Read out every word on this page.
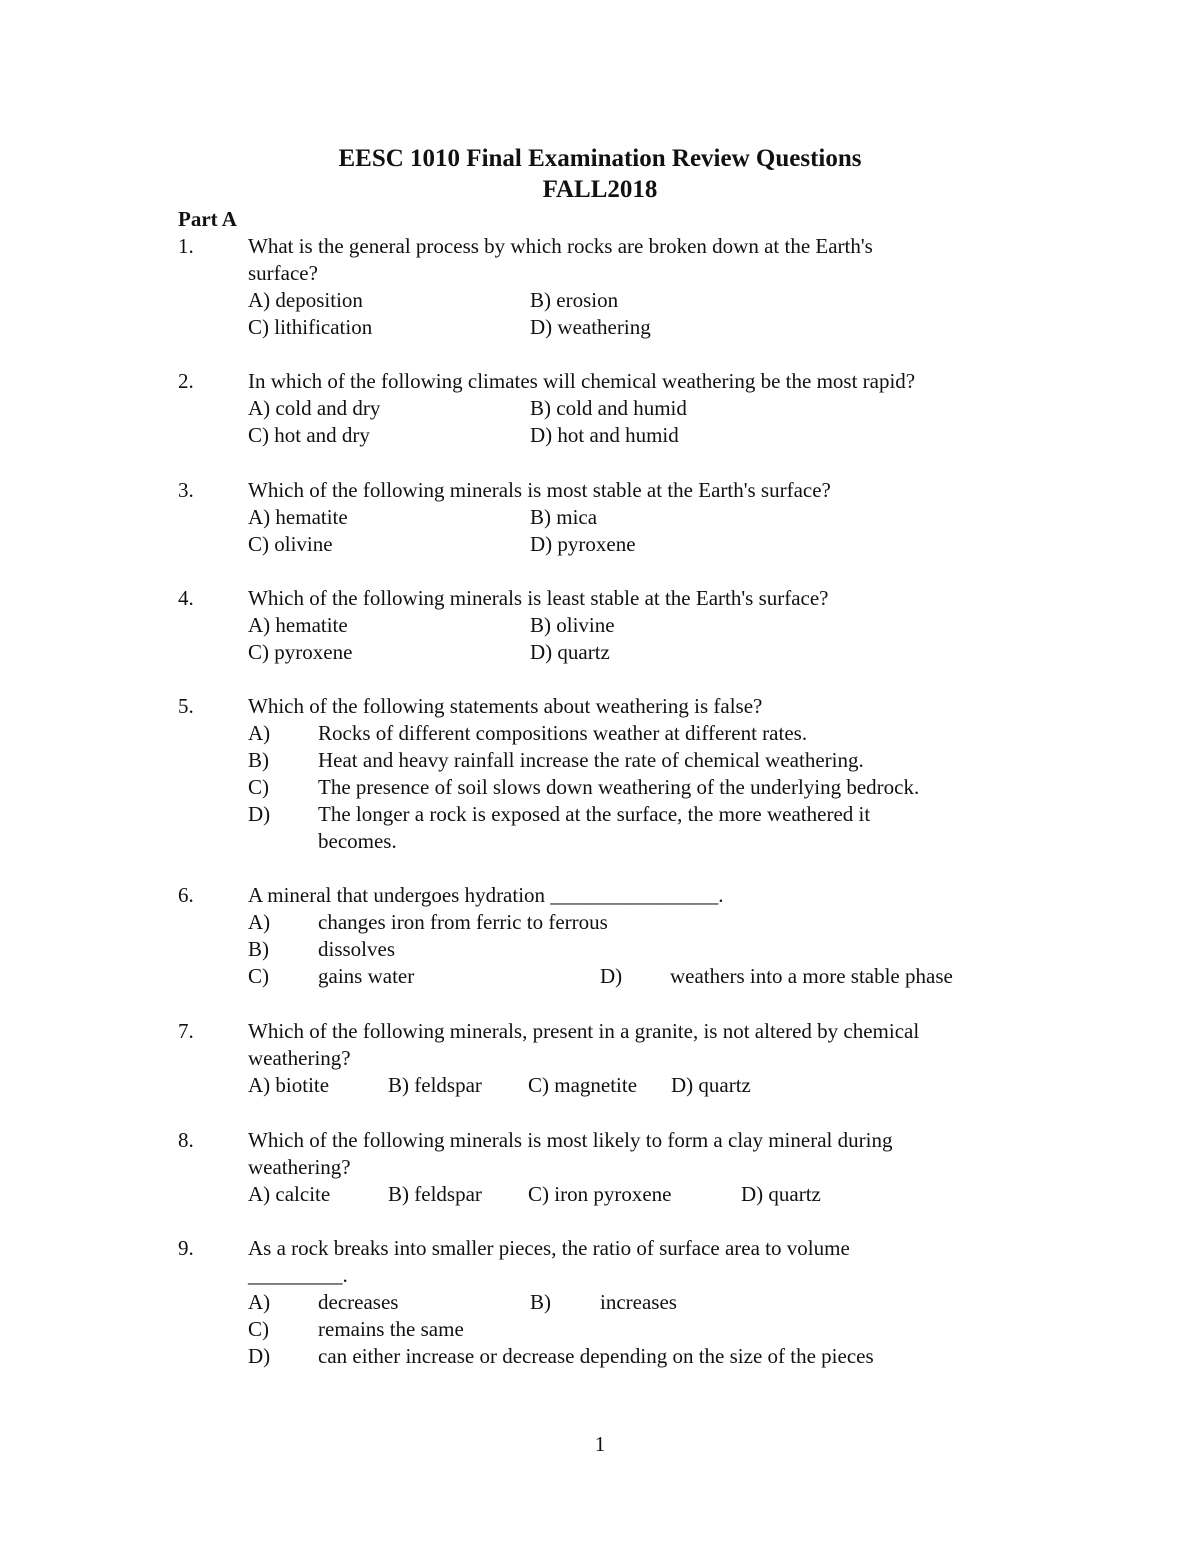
EESC 1010 Final Examination Review Questions
FALL2018
Part A
1.	What is the general process by which rocks are broken down at the Earth's
surface?
A) deposition	B) erosion
C) lithification	D) weathering
2.	In which of the following climates will chemical weathering be the most rapid?
A) cold and dry	B) cold and humid
C) hot and dry	D) hot and humid
3.	Which of the following minerals is most stable at the Earth's surface?
A) hematite	B) mica
C) olivine	D) pyroxene
4.	Which of the following minerals is least stable at the Earth's surface?
A) hematite	B) olivine
C) pyroxene	D) quartz
5.	Which of the following statements about weathering is false?
A) Rocks of different compositions weather at different rates.
B) Heat and heavy rainfall increase the rate of chemical weathering.
C) The presence of soil slows down weathering of the underlying bedrock.
D) The longer a rock is exposed at the surface, the more weathered it
becomes.
6.	A mineral that undergoes hydration ________________.
A) changes iron from ferric to ferrous
B) dissolves
C) gains water	D) weathers into a more stable phase
7.	Which of the following minerals, present in a granite, is not altered by chemical
weathering?
A) biotite	B) feldspar C) magnetite D) quartz
8.	Which of the following minerals is most likely to form a clay mineral during
weathering?
A) calcite	B) feldspar C) iron pyroxene	D) quartz
9.	As a rock breaks into smaller pieces, the ratio of surface area to volume
_________.
A) decreases	B) increases
C) remains the same
D) can either increase or decrease depending on the size of the pieces
1
